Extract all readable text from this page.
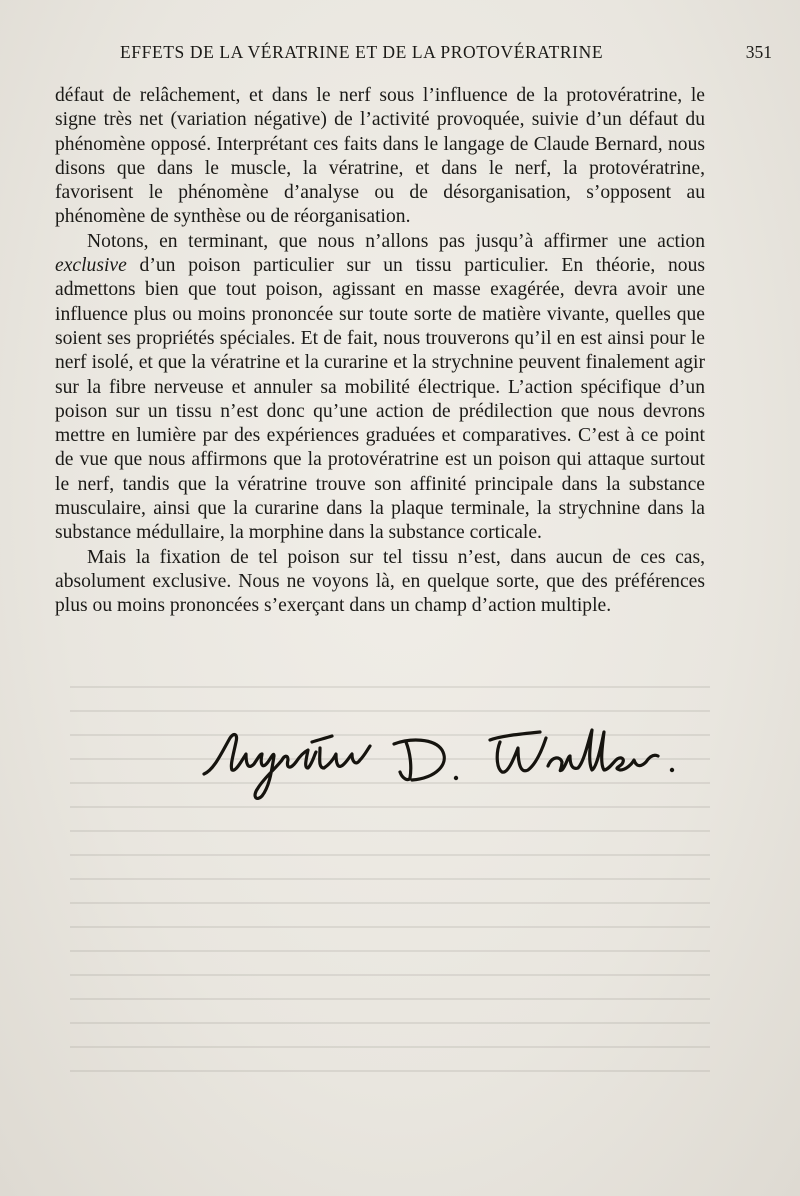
EFFETS DE LA VÉRATRINE ET DE LA PROTOVÉRATRINE	351

défaut de relâchement, et dans le nerf sous l’influence de la protovératrine, le signe très net (variation négative) de l’activité provoquée, suivie d’un défaut du phénomène opposé. Interprétant ces faits dans le langage de Claude Bernard, nous disons que dans le muscle, la vératrine, et dans le nerf, la protovératrine, favorisent le phénomène d’analyse ou de désorganisation, s’opposent au phénomène de synthèse ou de réorganisation.

Notons, en terminant, que nous n’allons pas jusqu’à affirmer une action exclusive d’un poison particulier sur un tissu particulier. En théorie, nous admettons bien que tout poison, agissant en masse exagérée, devra avoir une influence plus ou moins prononcée sur toute sorte de matière vivante, quelles que soient ses propriétés spéciales. Et de fait, nous trouverons qu’il en est ainsi pour le nerf isolé, et que la vératrine et la curarine et la strychnine peuvent finalement agir sur la fibre nerveuse et annuler sa mobilité électrique. L’action spécifique d’un poison sur un tissu n’est donc qu’une action de prédilection que nous devrons mettre en lumière par des expériences graduées et comparatives. C’est à ce point de vue que nous affirmons que la protovératrine est un poison qui attaque surtout le nerf, tandis que la vératrine trouve son affinité principale dans la substance musculaire, ainsi que la curarine dans la plaque terminale, la strychnine dans la substance médullaire, la morphine dans la substance corticale.

Mais la fixation de tel poison sur tel tissu n’est, dans aucun de ces cas, absolument exclusive. Nous ne voyons là, en quelque sorte, que des préférences plus ou moins prononcées s’exerçant dans un champ d’action multiple.
